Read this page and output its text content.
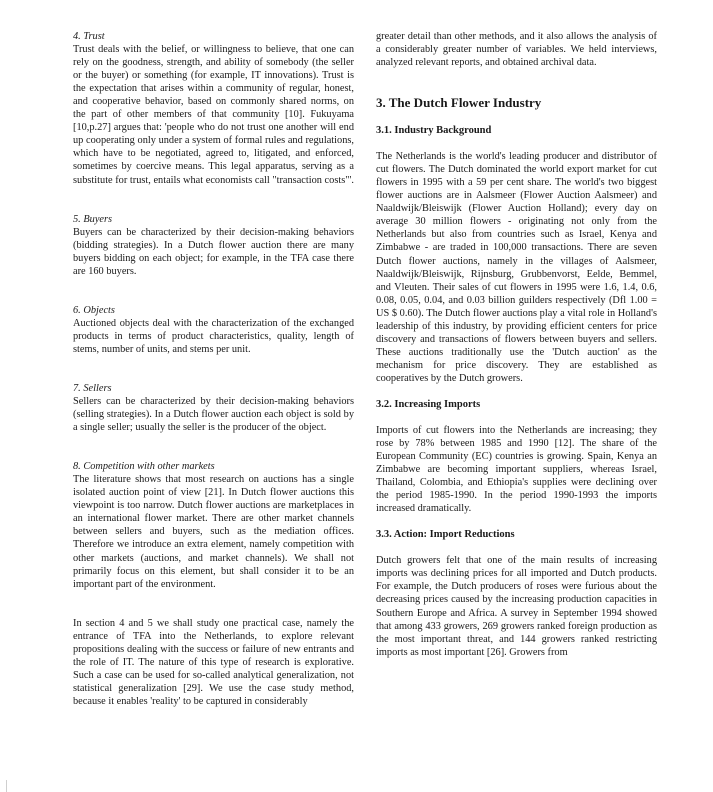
4. Trust

Trust deals with the belief, or willingness to believe, that one can rely on the goodness, strength, and ability of somebody (the seller or the buyer) or something (for example, IT innovations). Trust is the expectation that arises within a community of regular, honest, and cooperative behavior, based on commonly shared norms, on the part of other members of that community [10]. Fukuyama [10,p.27] argues that: 'people who do not trust one another will end up cooperating only under a system of formal rules and regulations, which have to be negotiated, agreed to, litigated, and enforced, sometimes by coercive means. This legal apparatus, serving as a substitute for trust, entails what economists call "transaction costs"'.

5. Buyers

Buyers can be characterized by their decision-making behaviors (bidding strategies). In a Dutch flower auction there are many buyers bidding on each object; for example, in the TFA case there are 160 buyers.

6. Objects

Auctioned objects deal with the characterization of the exchanged products in terms of product characteristics, quality, length of stems, number of units, and stems per unit.

7. Sellers

Sellers can be characterized by their decision-making behaviors (selling strategies). In a Dutch flower auction each object is sold by a single seller; usually the seller is the producer of the object.

8. Competition with other markets

The literature shows that most research on auctions has a single isolated auction point of view [21]. In Dutch flower auctions this viewpoint is too narrow. Dutch flower auctions are marketplaces in an international flower market. There are other market channels between sellers and buyers, such as the mediation offices. Therefore we introduce an extra element, namely competition with other markets (auctions, and market channels). We shall not primarily focus on this element, but shall consider it to be an important part of the environment.

In section 4 and 5 we shall study one practical case, namely the entrance of TFA into the Netherlands, to explore relevant propositions dealing with the success or failure of new entrants and the role of IT. The nature of this type of research is explorative. Such a case can be used for so-called analytical generalization, not statistical generalization [29]. We use the case study method, because it enables 'reality' to be captured in considerably

greater detail than other methods, and it also allows the analysis of a considerably greater number of variables. We held interviews, analyzed relevant reports, and obtained archival data.

3. The Dutch Flower Industry

3.1. Industry Background

The Netherlands is the world's leading producer and distributor of cut flowers. The Dutch dominated the world export market for cut flowers in 1995 with a 59 per cent share. The world's two biggest flower auctions are in Aalsmeer (Flower Auction Aalsmeer) and Naaldwijk/Bleiswijk (Flower Auction Holland); every day on average 30 million flowers - originating not only from the Netherlands but also from countries such as Israel, Kenya and Zimbabwe - are traded in 100,000 transactions. There are seven Dutch flower auctions, namely in the villages of Aalsmeer, Naaldwijk/Bleiswijk, Rijnsburg, Grubbenvorst, Eelde, Bemmel, and Vleuten. Their sales of cut flowers in 1995 were 1.6, 1.4, 0.6, 0.08, 0.05, 0.04, and 0.03 billion guilders respectively (Dfl 1.00 = US $ 0.60). The Dutch flower auctions play a vital role in Holland's leadership of this industry, by providing efficient centers for price discovery and transactions of flowers between buyers and sellers. These auctions traditionally use the 'Dutch auction' as the mechanism for price discovery. They are established as cooperatives by the Dutch growers.

3.2. Increasing Imports

Imports of cut flowers into the Netherlands are increasing; they rose by 78% between 1985 and 1990 [12]. The share of the European Community (EC) countries is growing. Spain, Kenya an Zimbabwe are becoming important suppliers, whereas Israel, Thailand, Colombia, and Ethiopia's supplies were declining over the period 1985-1990. In the period 1990-1993 the imports increased dramatically.

3.3. Action: Import Reductions

Dutch growers felt that one of the main results of increasing imports was declining prices for all imported and Dutch products. For example, the Dutch producers of roses were furious about the decreasing prices caused by the increasing production capacities in Southern Europe and Africa. A survey in September 1994 showed that among 433 growers, 269 growers ranked foreign production as the most important threat, and 144 growers ranked restricting imports as most important [26]. Growers from
